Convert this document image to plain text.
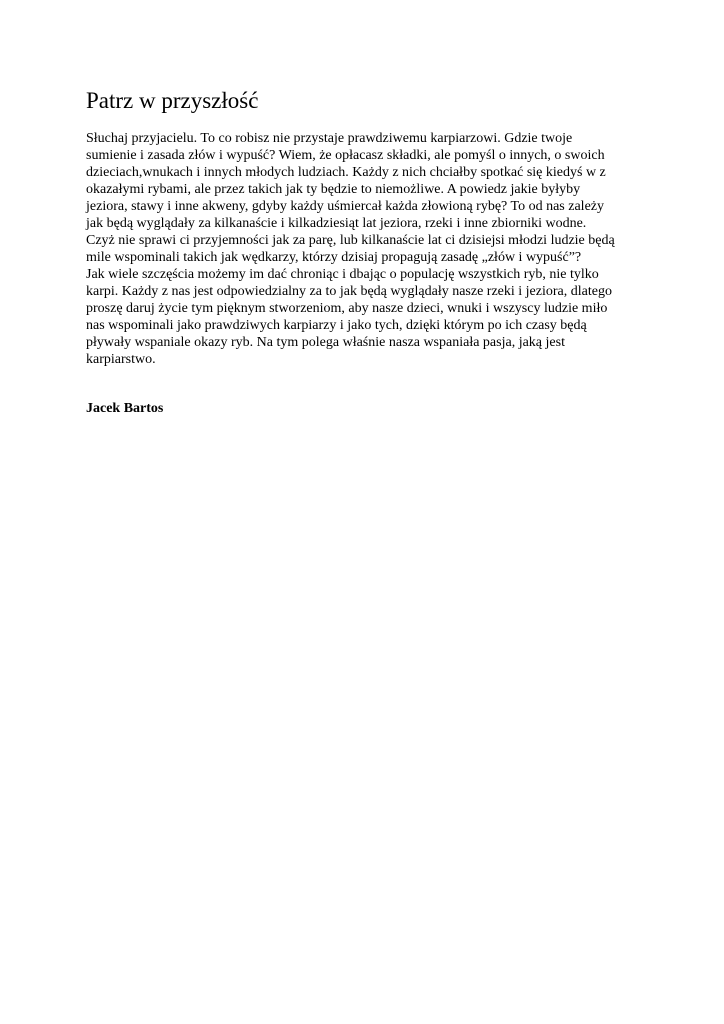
Patrz w przyszłość
Słuchaj przyjacielu. To co robisz nie przystaje prawdziwemu karpiarzowi. Gdzie twoje
sumienie i zasada złów i wypuść? Wiem, że opłacasz składki, ale pomyśl o innych, o swoich
dzieciach,wnukach i innych młodych ludziach. Każdy z nich chciałby spotkać się kiedyś w z
okazałymi rybami, ale przez takich jak ty będzie to niemożliwe. A powiedz jakie byłyby
jeziora, stawy i inne akweny, gdyby każdy uśmiercał każda złowioną rybę? To od nas zależy
jak będą wyglądały za kilkanaście i kilkadziesiąt lat jeziora, rzeki i inne zbiorniki wodne.
Czyż nie sprawi ci przyjemności jak za parę, lub kilkanaście lat ci dzisiejsi młodzi ludzie będą
mile wspominali takich jak wędkarzy, którzy dzisiaj propagują zasadę „złów i wypuść”?
Jak wiele szczęścia możemy im dać chroniąc i dbając o populację wszystkich ryb, nie tylko
karpi. Każdy z nas jest odpowiedzialny za to jak będą wyglądały nasze rzeki i jeziora, dlatego
proszę daruj życie tym pięknym stworzeniom, aby nasze dzieci, wnuki i wszyscy ludzie miło
nas wspominali jako prawdziwych karpiarzy i jako tych, dzięki którym po ich czasy będą
pływały wspaniale okazy ryb. Na tym polega właśnie nasza wspaniała pasja, jaką jest
karpiarstwo.

Jacek Bartos
